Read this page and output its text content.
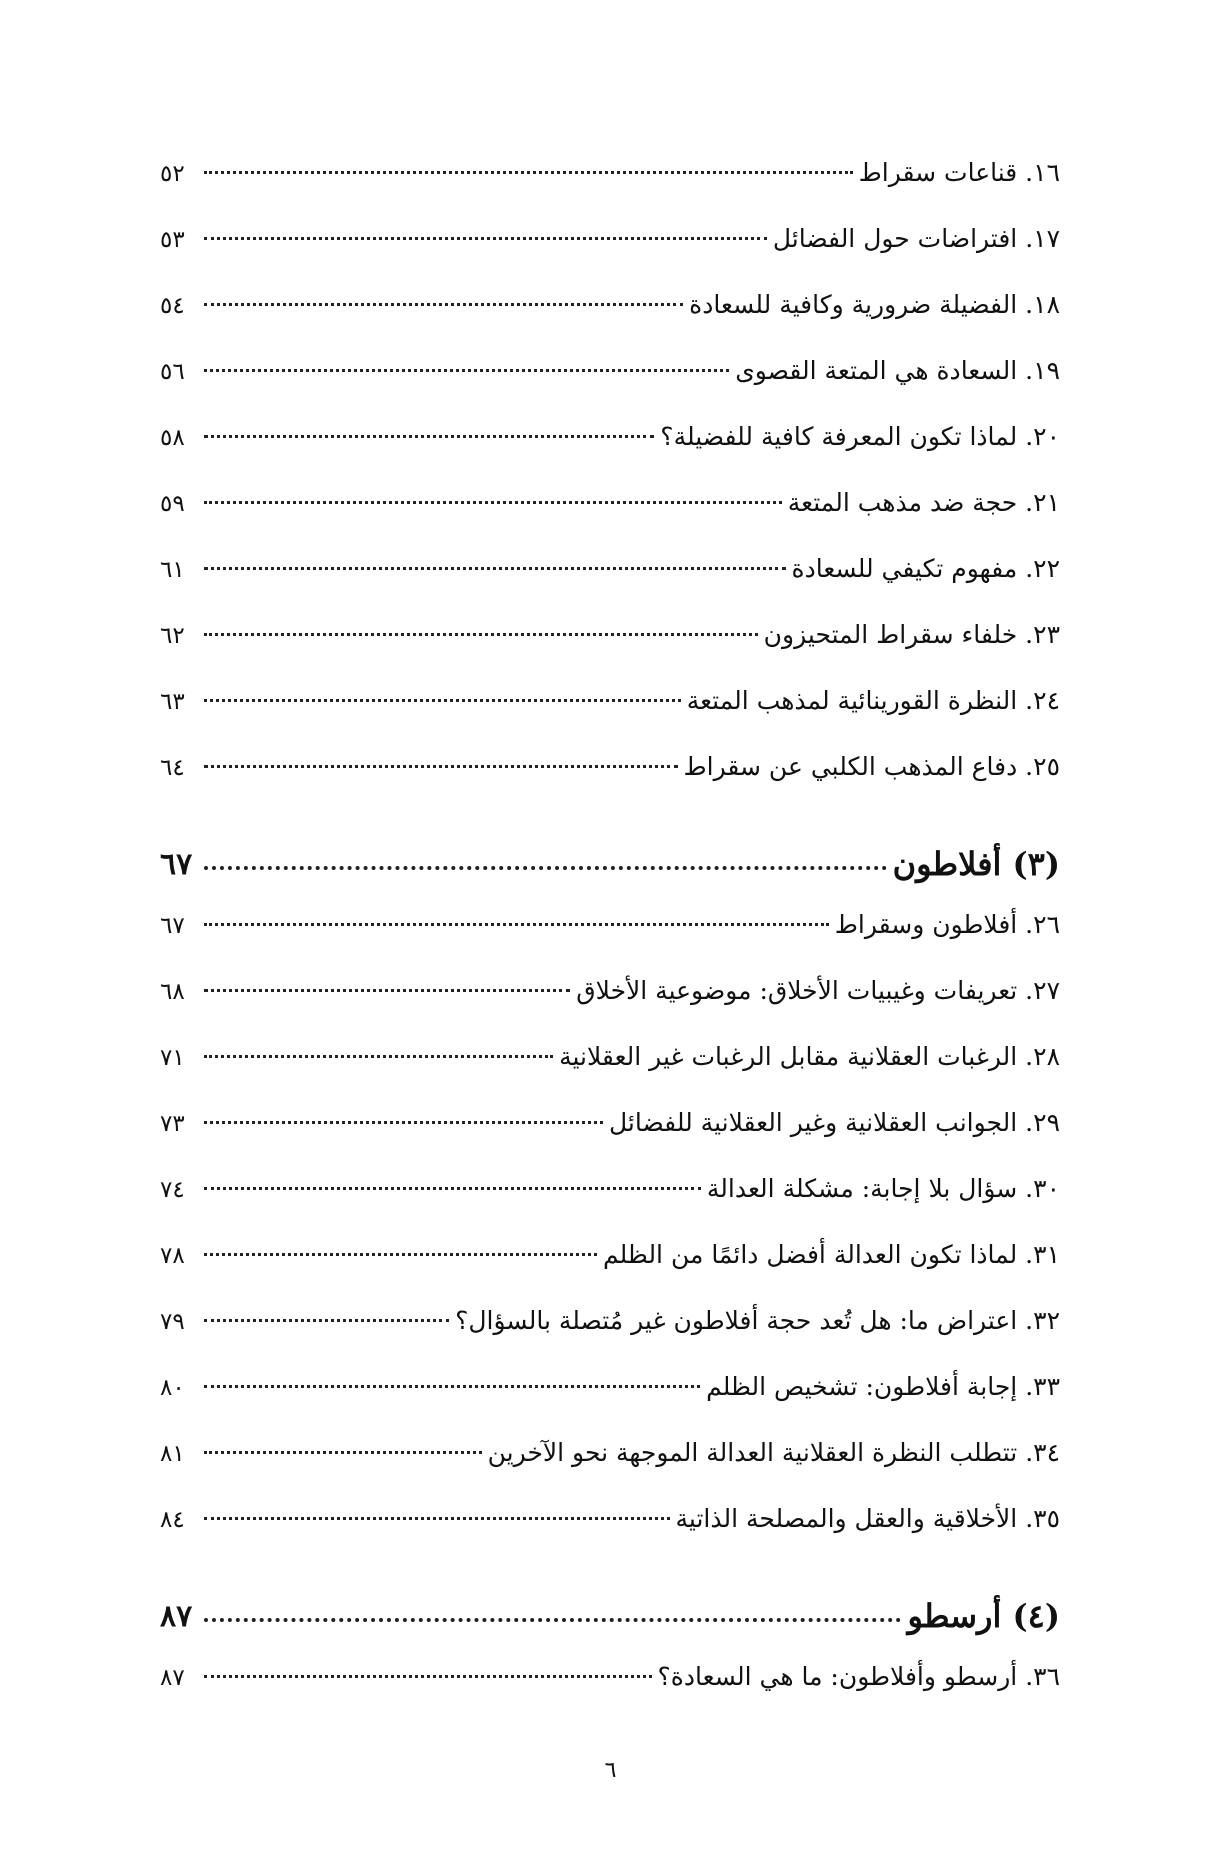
١٦. قناعات سقراط
٥٢
١٧. افتراضات حول الفضائل
٥٣
١٨. الفضيلة ضرورية وكافية للسعادة
٥٤
١٩. السعادة هي المتعة القصوى
٥٦
٢٠. لماذا تكون المعرفة كافية للفضيلة؟
٥٨
٢١. حجة ضد مذهب المتعة
٥٩
٢٢. مفهوم تكيفي للسعادة
٦١
٢٣. خلفاء سقراط المتحيزون
٦٢
٢٤. النظرة القورينائية لمذهب المتعة
٦٣
٢٥. دفاع المذهب الكلبي عن سقراط
٦٤
(٣) أفلاطون
٦٧
٢٦. أفلاطون وسقراط
٦٧
٢٧. تعريفات وغيبيات الأخلاق: موضوعية الأخلاق
٦٨
٢٨. الرغبات العقلانية مقابل الرغبات غير العقلانية
٧١
٢٩. الجوانب العقلانية وغير العقلانية للفضائل
٧٣
٣٠. سؤال بلا إجابة: مشكلة العدالة
٧٤
٣١. لماذا تكون العدالة أفضل دائمًا من الظلم
٧٨
٣٢. اعتراض ما: هل تُعد حجة أفلاطون غير مُتصلة بالسؤال؟
٧٩
٣٣. إجابة أفلاطون: تشخيص الظلم
٨٠
٣٤. تتطلب النظرة العقلانية العدالة الموجهة نحو الآخرين
٨١
٣٥. الأخلاقية والعقل والمصلحة الذاتية
٨٤
(٤) أرسطو
٨٧
٣٦. أرسطو وأفلاطون: ما هي السعادة؟
٨٧
٦
